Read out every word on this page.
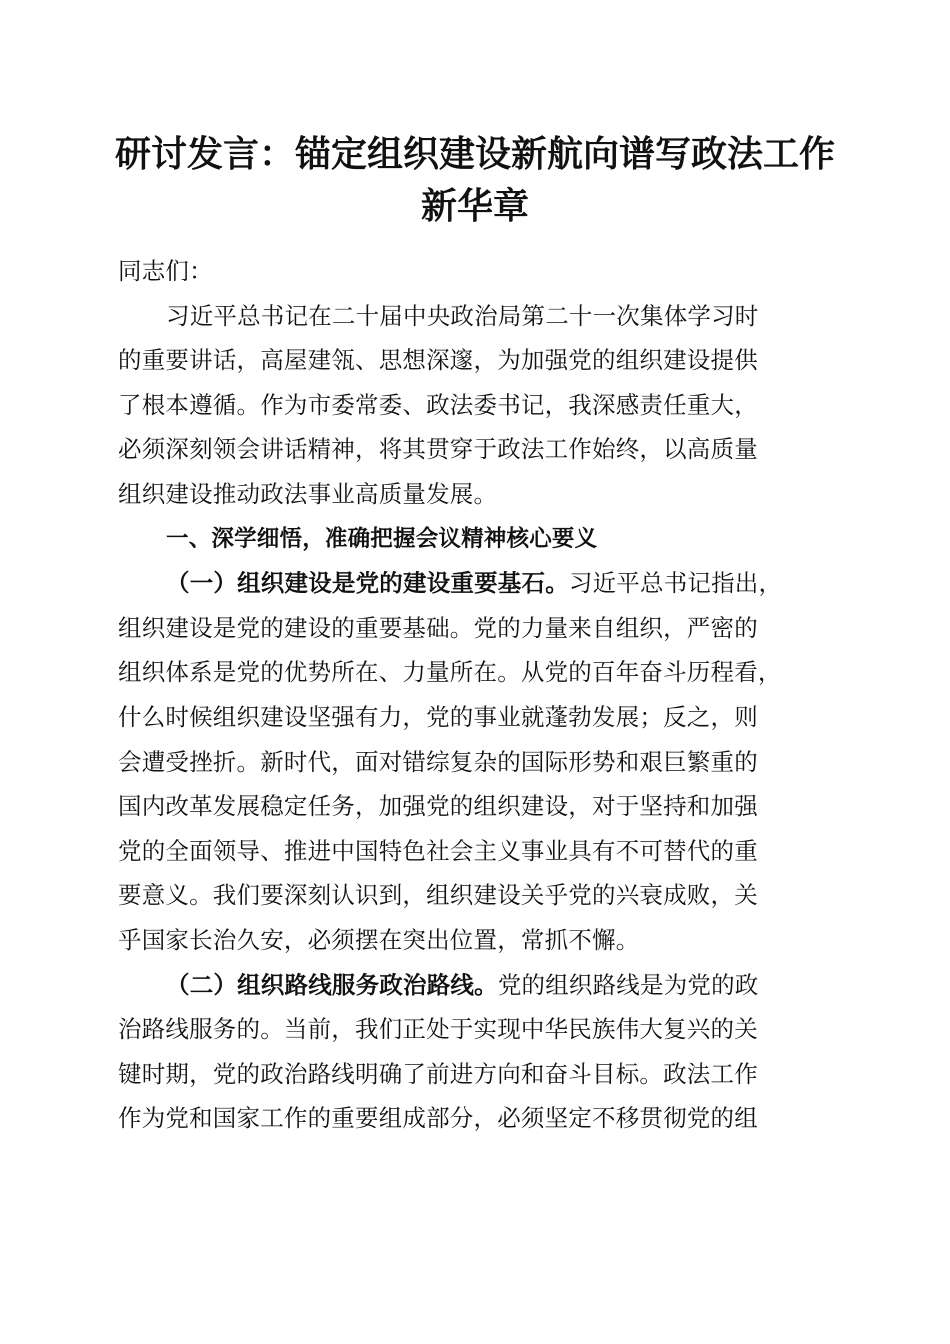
研讨发言：锚定组织建设新航向谱写政法工作
新华章
同志们：
习近平总书记在二十届中央政治局第二十一次集体学习时
的重要讲话，高屋建瓴、思想深邃，为加强党的组织建设提供
了根本遵循。作为市委常委、政法委书记，我深感责任重大，
必须深刻领会讲话精神，将其贯穿于政法工作始终，以高质量
组织建设推动政法事业高质量发展。
一、深学细悟，准确把握会议精神核心要义
（一）组织建设是党的建设重要基石。习近平总书记指出，
组织建设是党的建设的重要基础。党的力量来自组织，严密的
组织体系是党的优势所在、力量所在。从党的百年奋斗历程看，
什么时候组织建设坚强有力，党的事业就蓬勃发展；反之，则
会遭受挫折。新时代，面对错综复杂的国际形势和艰巨繁重的
国内改革发展稳定任务，加强党的组织建设，对于坚持和加强
党的全面领导、推进中国特色社会主义事业具有不可替代的重
要意义。我们要深刻认识到，组织建设关乎党的兴衰成败，关
乎国家长治久安，必须摆在突出位置，常抓不懈。
（二）组织路线服务政治路线。党的组织路线是为党的政
治路线服务的。当前，我们正处于实现中华民族伟大复兴的关
键时期，党的政治路线明确了前进方向和奋斗目标。政法工作
作为党和国家工作的重要组成部分，必须坚定不移贯彻党的组
